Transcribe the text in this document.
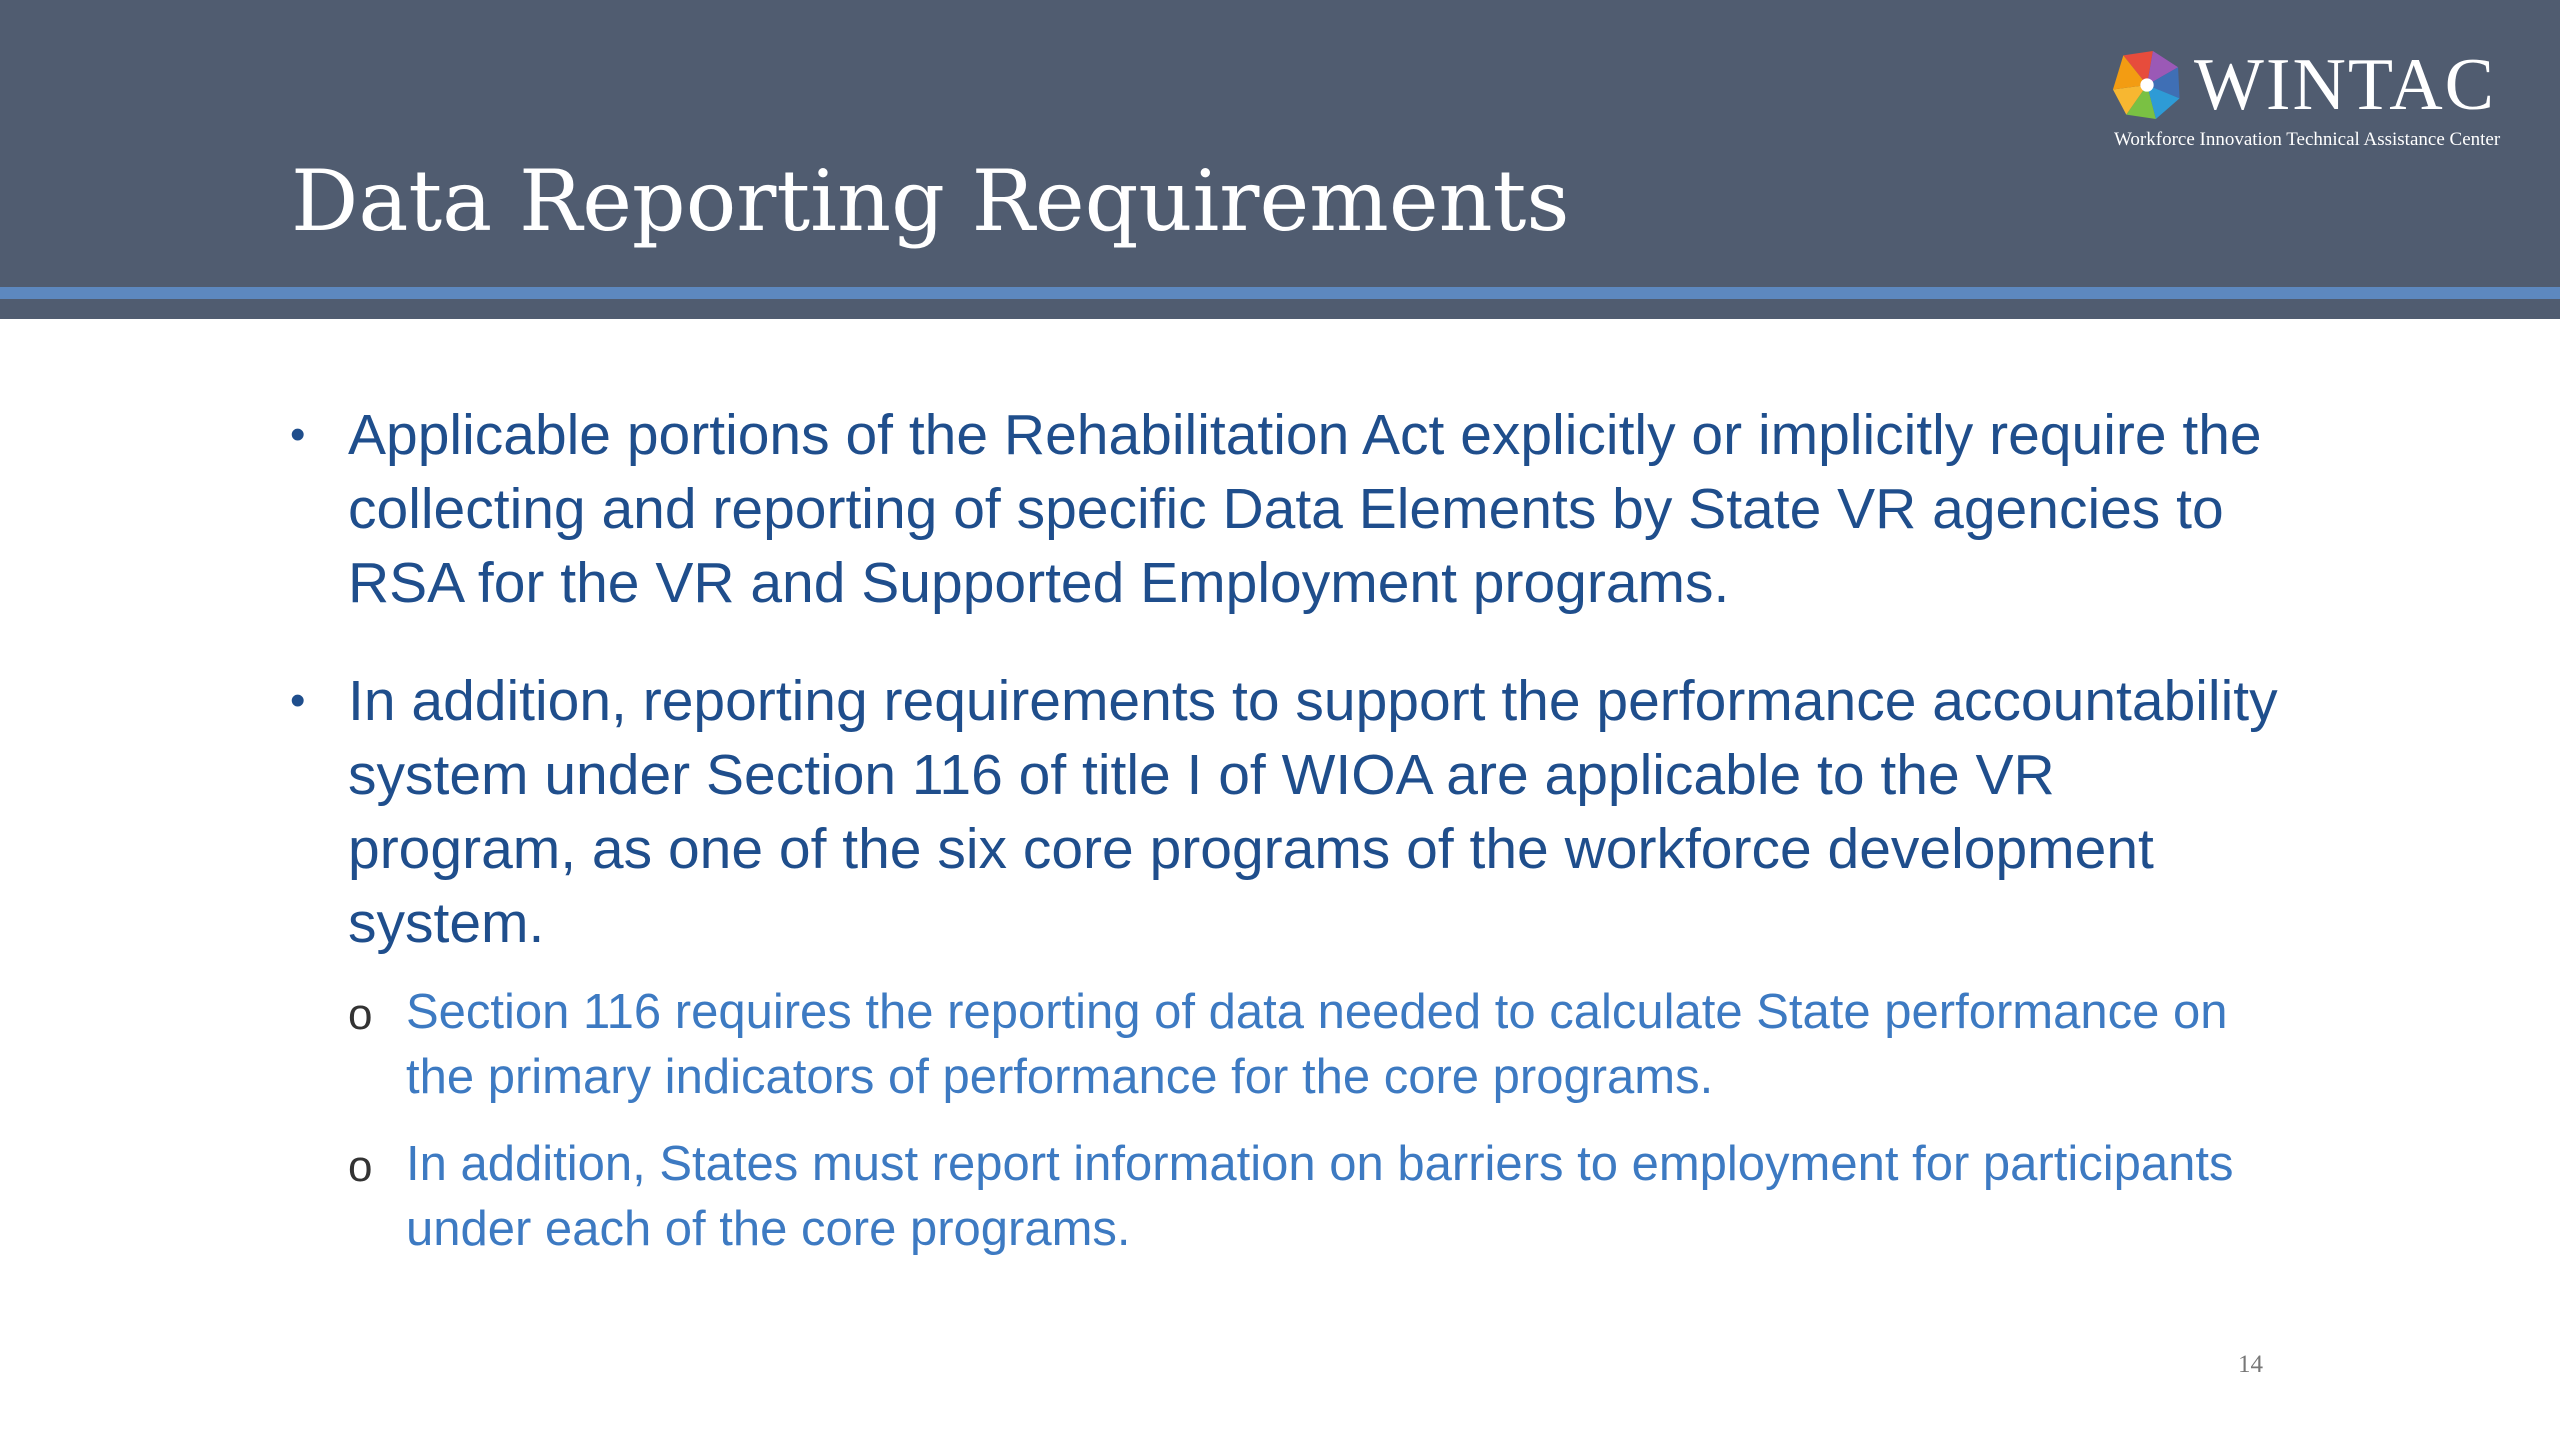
Data Reporting Requirements
WINTAC
Workforce Innovation Technical Assistance Center
• Applicable portions of the Rehabilitation Act explicitly or implicitly require the collecting and reporting of specific Data Elements by State VR agencies to RSA for the VR and Supported Employment programs.
• In addition, reporting requirements to support the performance accountability system under Section 116 of title I of WIOA are applicable to the VR program, as one of the six core programs of the workforce development system.
o Section 116 requires the reporting of data needed to calculate State performance on the primary indicators of performance for the core programs.
o In addition, States must report information on barriers to employment for participants under each of the core programs.
14
